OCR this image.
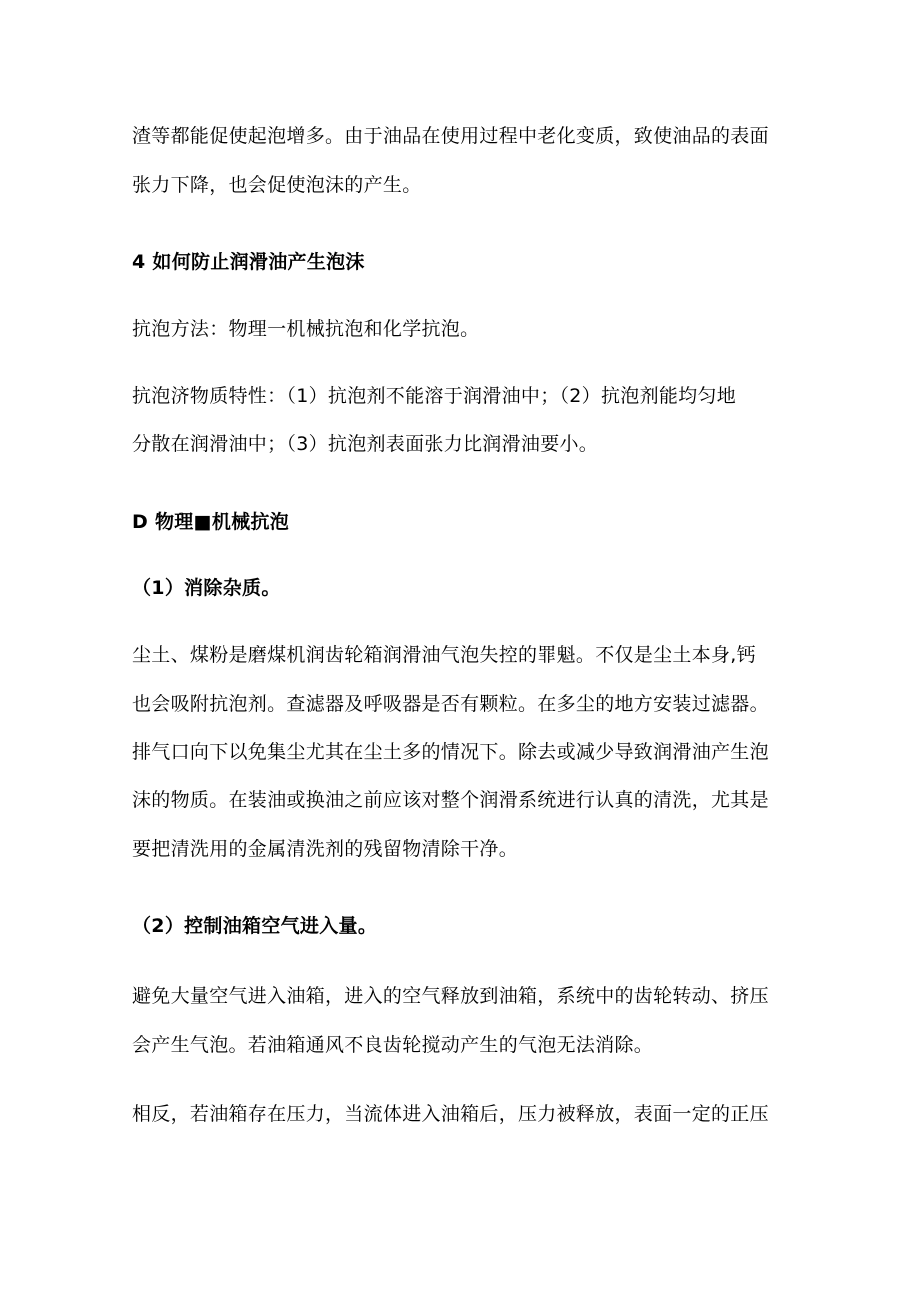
渣等都能促使起泡增多。由于油品在使用过程中老化变质，致使油品的表面

张力下降，也会促使泡沫的产生。

4 如何防止润滑油产生泡沫

抗泡方法：物理一机械抗泡和化学抗泡。

抗泡济物质特性：（1）抗泡剂不能溶于润滑油中；（2）抗泡剂能均匀地

分散在润滑油中；（3）抗泡剂表面张力比润滑油要小。

D 物理■机械抗泡

（1）消除杂质。

尘土、煤粉是磨煤机润齿轮箱润滑油气泡失控的罪魁。不仅是尘土本身,钙

也会吸附抗泡剂。查滤器及呼吸器是否有颗粒。在多尘的地方安装过滤器。

排气口向下以免集尘尤其在尘土多的情况下。除去或减少导致润滑油产生泡

沫的物质。在装油或换油之前应该对整个润滑系统进行认真的清洗，尤其是

要把清洗用的金属清洗剂的残留物清除干净。

（2）控制油箱空气进入量。

避免大量空气进入油箱，进入的空气释放到油箱，系统中的齿轮转动、挤压

会产生气泡。若油箱通风不良齿轮搅动产生的气泡无法消除。

相反，若油箱存在压力，当流体进入油箱后，压力被释放，表面一定的正压
